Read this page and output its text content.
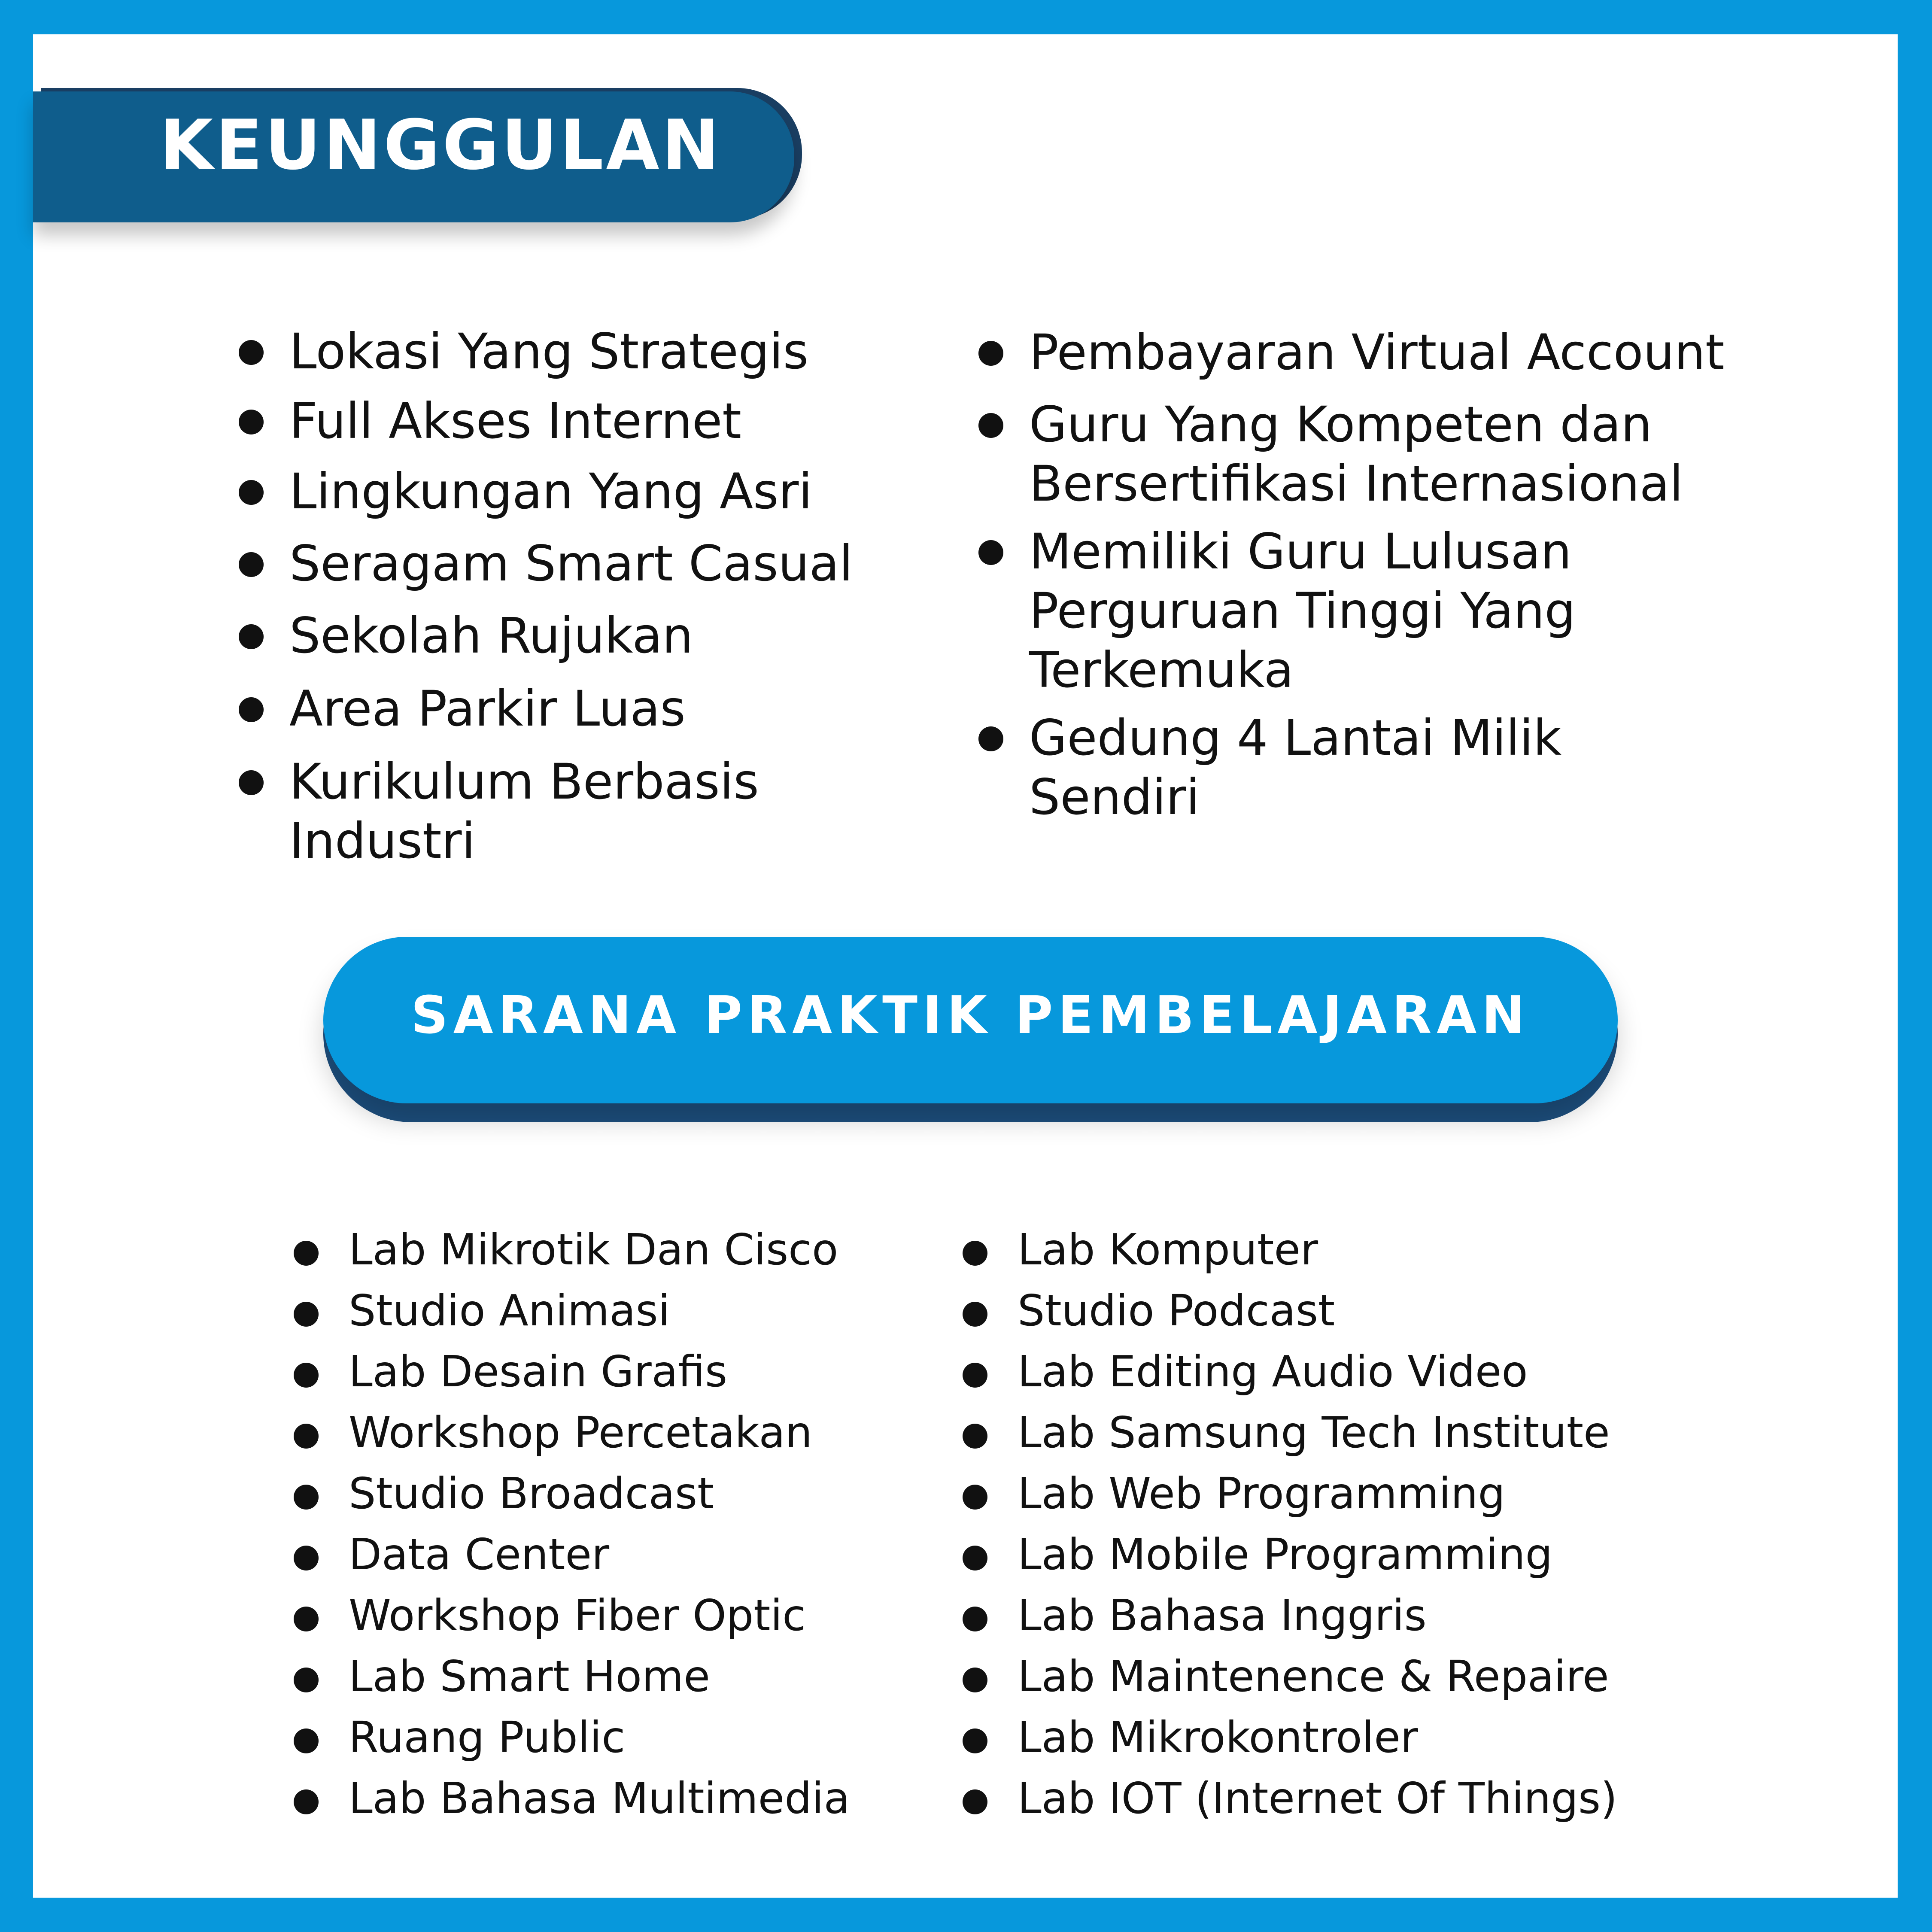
KEUNGGULAN
Lokasi Yang Strategis
Full Akses Internet
Lingkungan Yang Asri
Seragam Smart Casual
Sekolah Rujukan
Area Parkir Luas
Kurikulum Berbasis
Industri
Pembayaran Virtual Account
Guru Yang Kompeten dan
Bersertifikasi Internasional
Memiliki Guru Lulusan
Perguruan Tinggi Yang
Terkemuka
Gedung 4 Lantai Milik
Sendiri
SARANA PRAKTIK PEMBELAJARAN
Lab Mikrotik Dan Cisco
Studio Animasi
Lab Desain Grafis
Workshop Percetakan
Studio Broadcast
Data Center
Workshop Fiber Optic
Lab Smart Home
Ruang Public
Lab Bahasa Multimedia
Lab Komputer
Studio Podcast
Lab Editing Audio Video
Lab Samsung Tech Institute
Lab Web Programming
Lab Mobile Programming
Lab Bahasa Inggris
Lab Maintenence & Repaire
Lab Mikrokontroler
Lab IOT (Internet Of Things)
